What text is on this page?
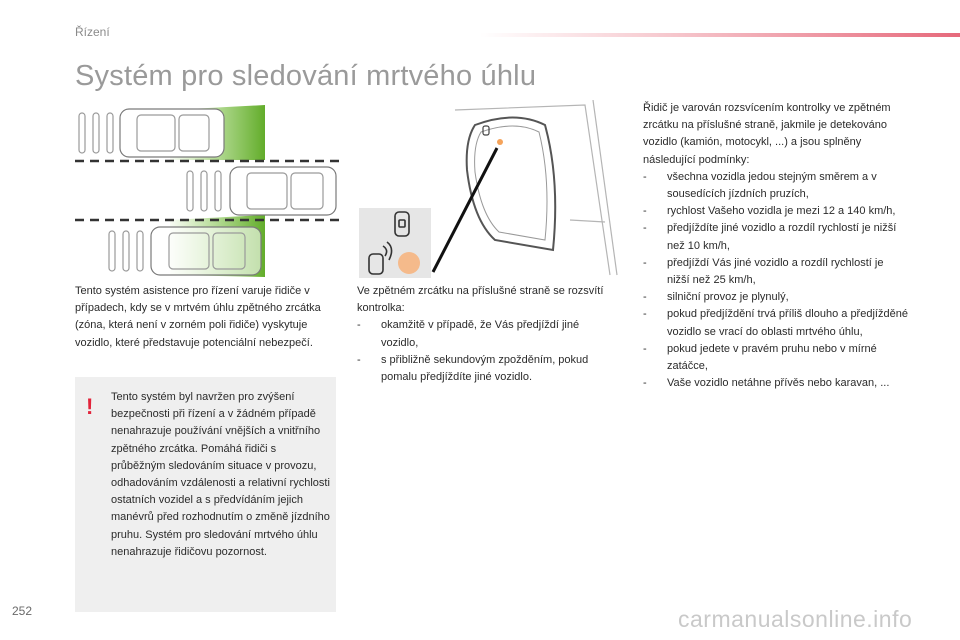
Řízení
Systém pro sledování mrtvého úhlu

Tento systém asistence pro řízení varuje řidiče v případech, kdy se v mrtvém úhlu zpětného zrcátka (zóna, která není v zorném poli řidiče) vyskytuje vozidlo, které představuje potenciální nebezpečí.

Ve zpětném zrcátku na příslušné straně se rozsvítí kontrolka:

- okamžitě v případě, že Vás předjíždí jiné vozidlo,
- s přibližně sekundovým zpožděním, pokud pomalu předjíždíte jiné vozidlo.

Řidič je varován rozsvícením kontrolky ve zpětném zrcátku na příslušné straně, jakmile je detekováno vozidlo (kamión, motocykl, ...) a jsou splněny následující podmínky:

- všechna vozidla jedou stejným směrem a v sousedících jízdních pruzích,
- rychlost Vašeho vozidla je mezi 12 a 140 km/h,
- předjíždíte jiné vozidlo a rozdíl rychlostí je nižší než 10 km/h,
- předjíždí Vás jiné vozidlo a rozdíl rychlostí je nižší než 25 km/h,
- silniční provoz je plynulý,
- pokud předjíždění trvá příliš dlouho a předjížděné vozidlo se vrací do oblasti mrtvého úhlu,
- pokud jedete v pravém pruhu nebo v mírné zatáčce,
- Vaše vozidlo netáhne přívěs nebo karavan, ...
! Tento systém byl navržen pro zvýšení bezpečnosti při řízení a v žádném případě nenahrazuje používání vnějších a vnitřního zpětného zrcátka. Pomáhá řidiči s průběžným sledováním situace v provozu, odhadováním vzdálenosti a relativní rychlosti ostatních vozidel a s předvídáním jejich manévrů před rozhodnutím o změně jízdního pruhu. Systém pro sledování mrtvého úhlu nenahrazuje řidičovu pozornost.

252	carmanualsonline.info
